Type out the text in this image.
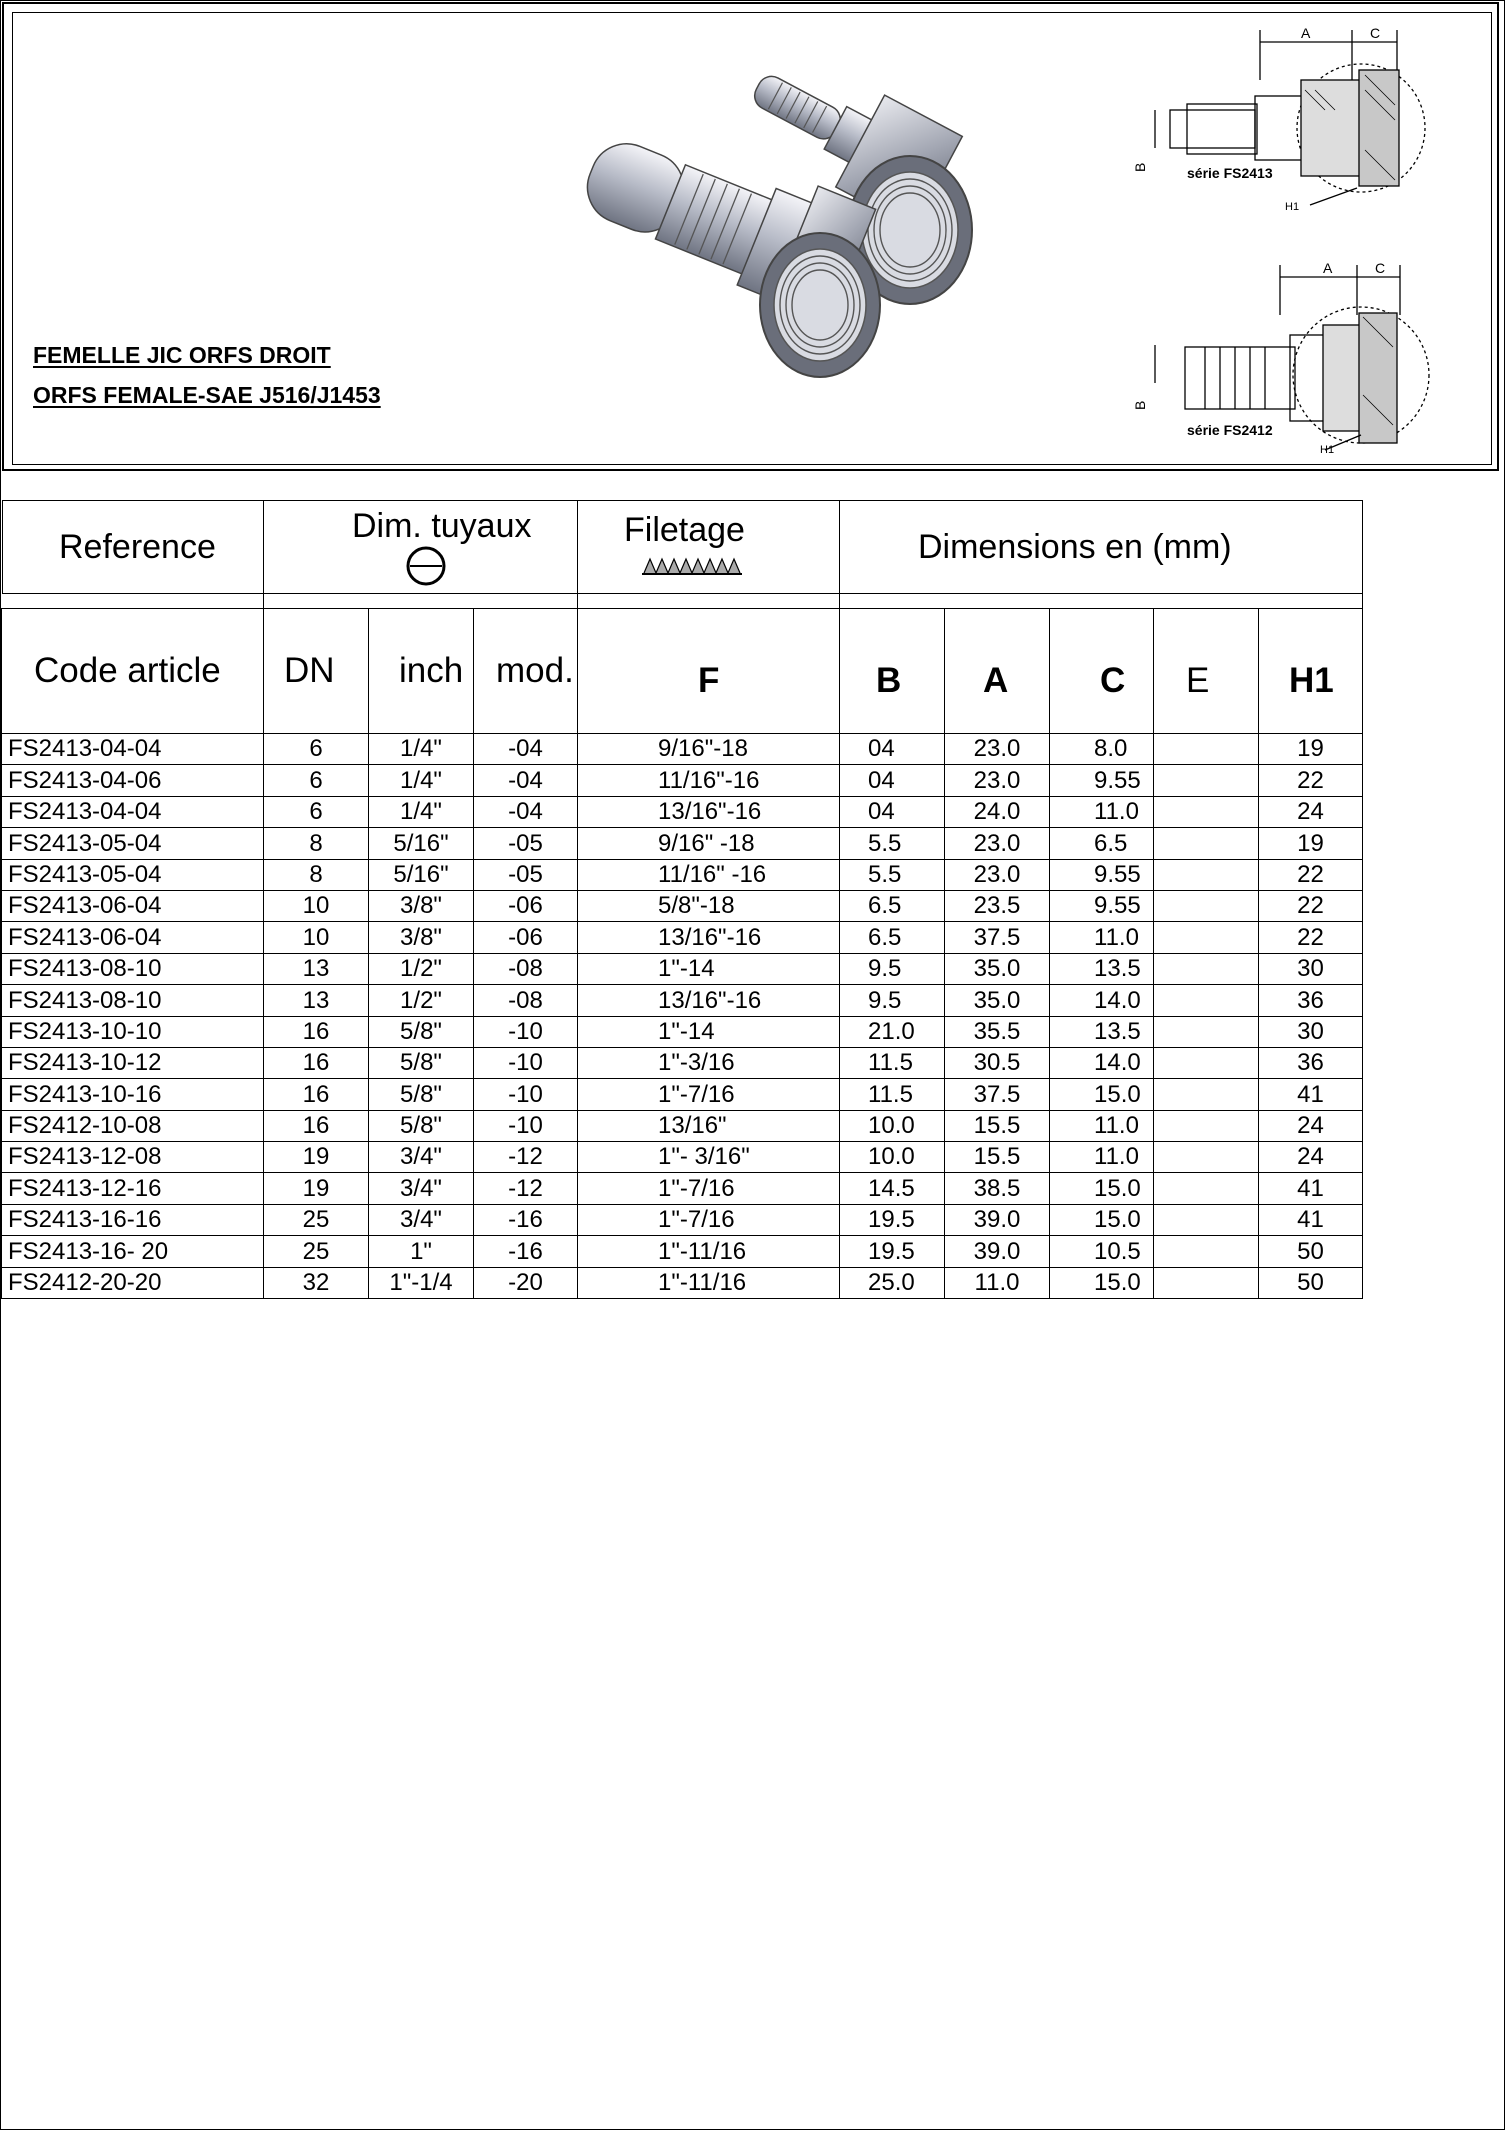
FEMELLE JIC ORFS DROIT
ORFS FEMALE-SAE J516/J1453
A	C
B	série FS2413
H1
A	C
B
série FS2412
H1
Reference	Dim. tuyaux			Filetage	Dimensions en (mm)				

Code article	DN	inch	mod.	F	B	A	C	E	H1
FS2413-04-04	6	1/4"	-04	9/16"-18	04	23.0	8.0		19
FS2413-04-06	6	1/4"	-04	11/16"-16	04	23.0	9.55		22
FS2413-04-04	6	1/4"	-04	13/16"-16	04	24.0	11.0		24
FS2413-05-04	8	5/16"	-05	9/16" -18	5.5	23.0	6.5		19
FS2413-05-04	8	5/16"	-05	11/16" -16	5.5	23.0	9.55		22
FS2413-06-04	10	3/8"	-06	5/8"-18	6.5	23.5	9.55		22
FS2413-06-04	10	3/8"	-06	13/16"-16	6.5	37.5	11.0		22
FS2413-08-10	13	1/2"	-08	1"-14	9.5	35.0	13.5		30
FS2413-08-10	13	1/2"	-08	13/16"-16	9.5	35.0	14.0		36
FS2413-10-10	16	5/8"	-10	1"-14	21.0	35.5	13.5		30
FS2413-10-12	16	5/8"	-10	1"-3/16	11.5	30.5	14.0		36
FS2413-10-16	16	5/8"	-10	1"-7/16	11.5	37.5	15.0		41
FS2412-10-08	16	5/8"	-10	13/16"	10.0	15.5	11.0		24
FS2413-12-08	19	3/4"	-12	1"- 3/16"	10.0	15.5	11.0		24
FS2413-12-16	19	3/4"	-12	1"-7/16	14.5	38.5	15.0		41
FS2413-16-16	25	3/4"	-16	1"-7/16	19.5	39.0	15.0		41
FS2413-16- 20	25	1"	-16	1"-11/16	19.5	39.0	10.5		50
FS2412-20-20	32	1"-1/4	-20	1"-11/16	25.0	11.0	15.0		50
